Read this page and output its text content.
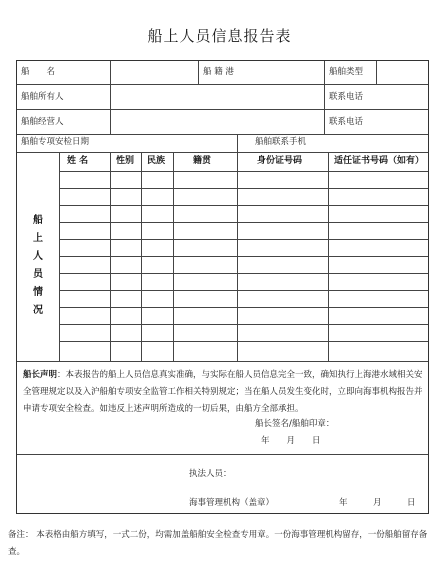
船上人员信息报告表
船　　名	船 籍 港	船舶类型
船舶所有人	联系电话
船舶经营人	联系电话
船舶专项安检日期	船舶联系手机
姓 名	性别 民族	籍贯	身份证号码	适任证书号码（如有）
船
上
人
员
情
况
船长声明：本表报告的船上人员信息真实准确，与实际在船人员信息完全一致，确知执行上海港水域相关安全管理规定以及入沪船舶专项安全监管工作相关特别规定；当在船人员发生变化时，立即向海事机构报告并申请专项安全检查。如违反上述声明所造成的一切后果，由船方全部承担。
船长签名/船舶印章：
年　　月　　日
执法人员：
海事管理机构（盖章）	年　　　月　　　日
备注： 本表格由船方填写，一式二份，均需加盖船舶安全检查专用章。一份海事管理机构留存，一份船舶留存备查。
